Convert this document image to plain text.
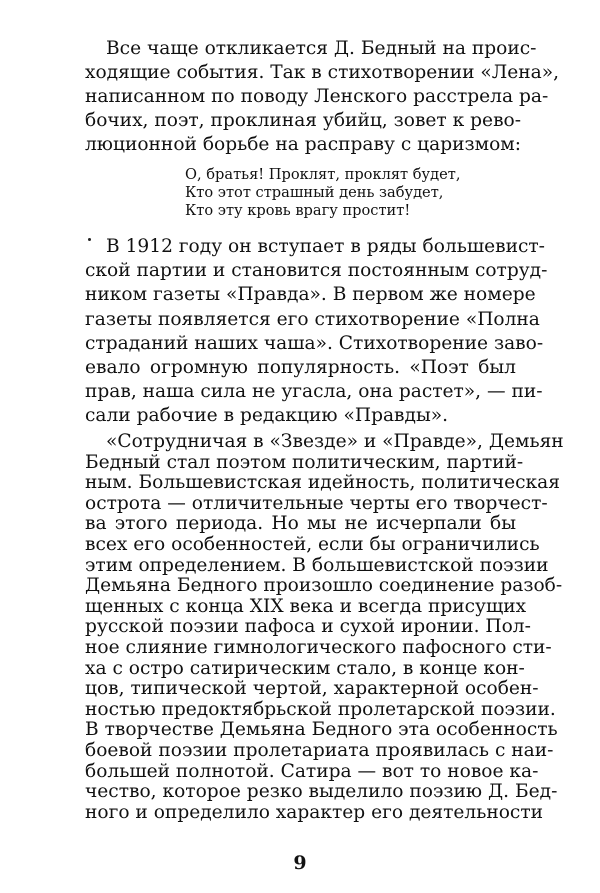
Все чаще откликается Д. Бедный на проис-
ходящие события. Так в стихотворении «Лена»,
написанном по поводу Ленского расстрела ра-
бочих, поэт, проклиная убийц, зовет к рево-
люционной борьбе на расправу с царизмом:
О, братья! Проклят, проклят будет,
Кто этот страшный день забудет,
Кто эту кровь врагу простит!
В 1912 году он вступает в ряды большевист-
ской партии и становится постоянным сотруд-
ником газеты «Правда». В первом же номере
газеты появляется его стихотворение «Полна
страданий наших чаша». Стихотворение заво-
евало огромную популярность. «Поэт был
прав, наша сила не угасла, она растет», — пи-
сали рабочие в редакцию «Правды».
«Сотрудничая в «Звезде» и «Правде», Демьян
Бедный стал поэтом политическим, партий-
ным. Большевистская идейность, политическая
острота — отличительные черты его творчест-
ва этого периода. Но мы не исчерпали бы
всех его особенностей, если бы ограничились
этим определением. В большевистской поэзии
Демьяна Бедного произошло соединение разоб-
щенных с конца XIX века и всегда присущих
русской поэзии пафоса и сухой иронии. Пол-
ное слияние гимнологического пафосного сти-
ха с остро сатирическим стало, в конце кон-
цов, типической чертой, характерной особен-
ностью предоктябрьской пролетарской поэзии.
В творчестве Демьяна Бедного эта особенность
боевой поэзии пролетариата проявилась с наи-
большей полнотой. Сатира — вот то новое ка-
чество, которое резко выделило поэзию Д. Бед-
ного и определило характер его деятельности
9
